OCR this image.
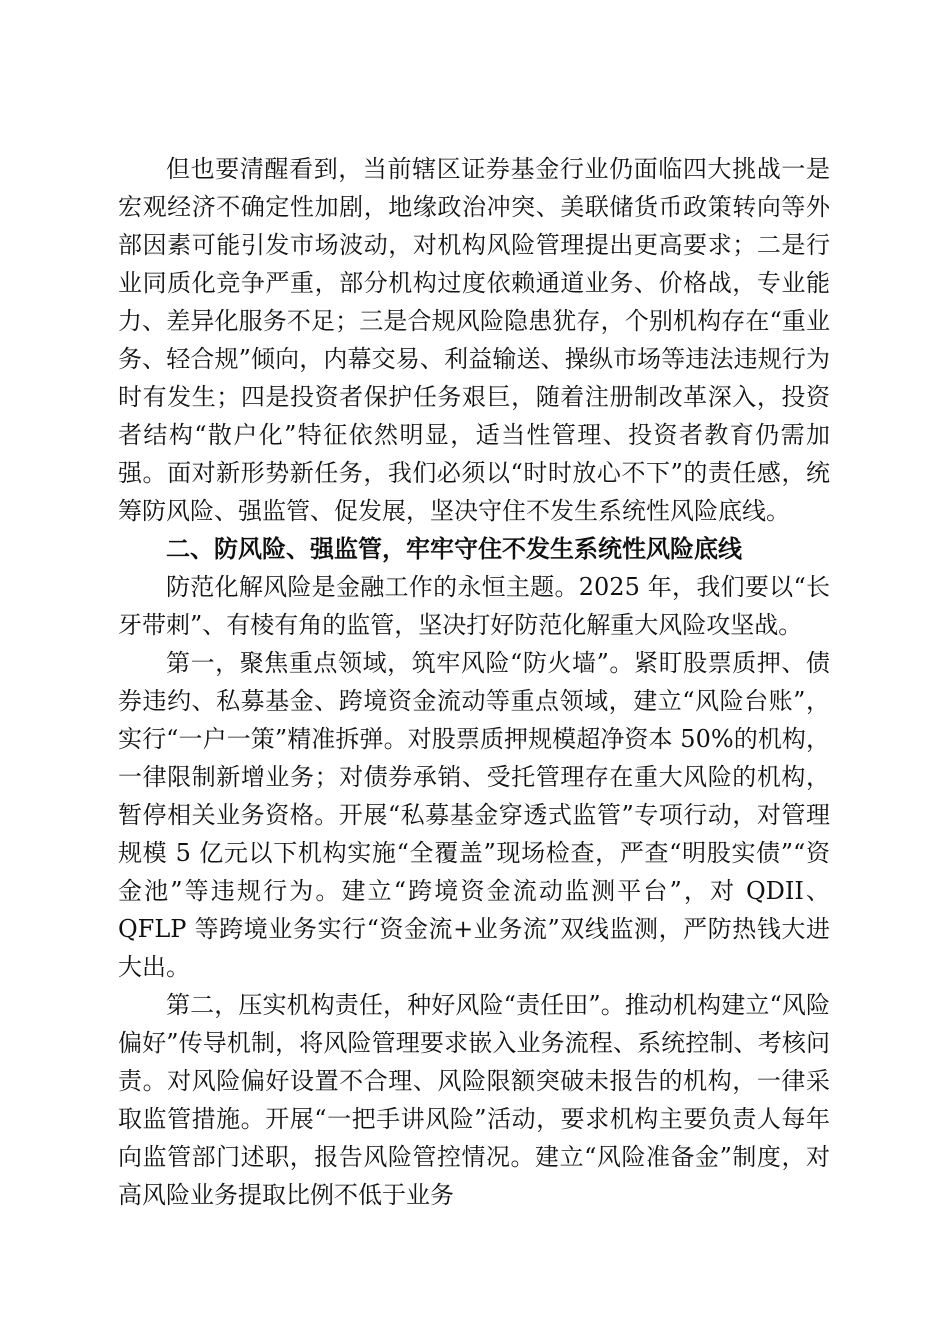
但也要清醒看到，当前辖区证券基金行业仍面临四大挑战一是宏观经济不确定性加剧，地缘政治冲突、美联储货币政策转向等外部因素可能引发市场波动，对机构风险管理提出更高要求；二是行业同质化竞争严重，部分机构过度依赖通道业务、价格战，专业能力、差异化服务不足；三是合规风险隐患犹存，个别机构存在“重业务、轻合规”倾向，内幕交易、利益输送、操纵市场等违法违规行为时有发生；四是投资者保护任务艰巨，随着注册制改革深入，投资者结构“散户化”特征依然明显，适当性管理、投资者教育仍需加强。面对新形势新任务，我们必须以“时时放心不下”的责任感，统筹防风险、强监管、促发展，坚决守住不发生系统性风险底线。

二、防风险、强监管，牢牢守住不发生系统性风险底线

防范化解风险是金融工作的永恒主题。2025 年，我们要以“长牙带刺”、有棱有角的监管，坚决打好防范化解重大风险攻坚战。

第一，聚焦重点领域，筑牢风险“防火墙”。紧盯股票质押、债券违约、私募基金、跨境资金流动等重点领域，建立“风险台账”，实行“一户一策”精准拆弹。对股票质押规模超净资本 50%的机构，一律限制新增业务；对债券承销、受托管理存在重大风险的机构，暂停相关业务资格。开展“私募基金穿透式监管”专项行动，对管理规模 5 亿元以下机构实施“全覆盖”现场检查，严查“明股实债”“资金池”等违规行为。建立“跨境资金流动监测平台”，对 QDII、QFLP 等跨境业务实行“资金流+业务流”双线监测，严防热钱大进大出。

第二，压实机构责任，种好风险“责任田”。推动机构建立“风险偏好”传导机制，将风险管理要求嵌入业务流程、系统控制、考核问责。对风险偏好设置不合理、风险限额突破未报告的机构，一律采取监管措施。开展“一把手讲风险”活动，要求机构主要负责人每年向监管部门述职，报告风险管控情况。建立“风险准备金”制度，对高风险业务提取比例不低于业务
